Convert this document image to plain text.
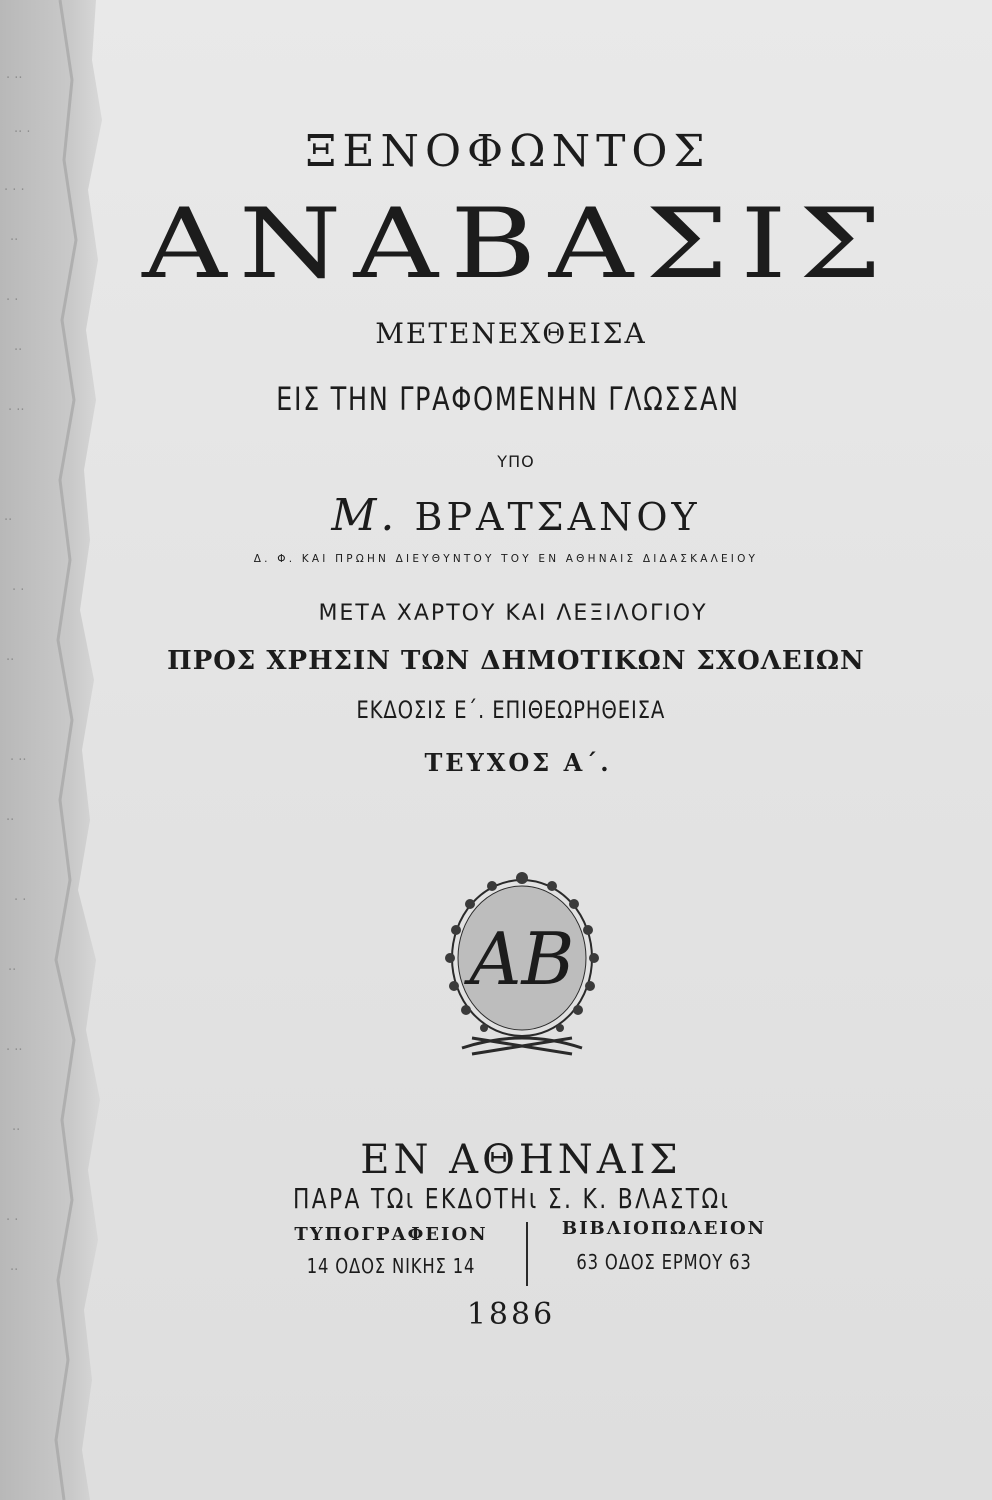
. ..
.. .
. . .
..
. .
..
. ..
..
. .
..
. ..
..
. .
..
. ..
..
. .
..
ΞΕΝΟΦΩΝΤΟΣ
ΑΝΑΒΑΣΙΣ
ΜΕΤΕΝΕΧΘΕΙΣΑ
ΕΙΣ ΤΗΝ ΓΡΑΦΟΜΕΝΗΝ ΓΛΩΣΣΑΝ
ΥΠΟ
Μ. ΒΡΑΤΣΑΝΟΥ
Δ. Φ. ΚΑΙ ΠΡΩΗΝ ΔΙΕΥΘΥΝΤΟΥ ΤΟΥ ΕΝ ΑΘΗΝΑΙΣ ΔΙΔΑΣΚΑΛΕΙΟΥ
ΜΕΤΑ ΧΑΡΤΟΥ ΚΑΙ ΛΕΞΙΛΟΓΙΟΥ
ΠΡΟΣ ΧΡΗΣΙΝ ΤΩΝ ΔΗΜΟΤΙΚΩΝ ΣΧΟΛΕΙΩΝ
ΕΚΔΟΣΙΣ Ε΄. ΕΠΙΘΕΩΡΗΘΕΙΣΑ
ΤΕΥΧΟΣ Α΄.
ΑΒ
ΕΝ ΑΘΗΝΑΙΣ
ΠΑΡΑ ΤΩι ΕΚΔΟΤΗι Σ. Κ. ΒΛΑΣΤΩι
ΤΥΠΟΓΡΑΦΕΙΟΝ
14 ΟΔΟΣ ΝΙΚΗΣ 14
ΒΙΒΛΙΟΠΩΛΕΙΟΝ
63 ΟΔΟΣ ΕΡΜΟΥ 63
1886
